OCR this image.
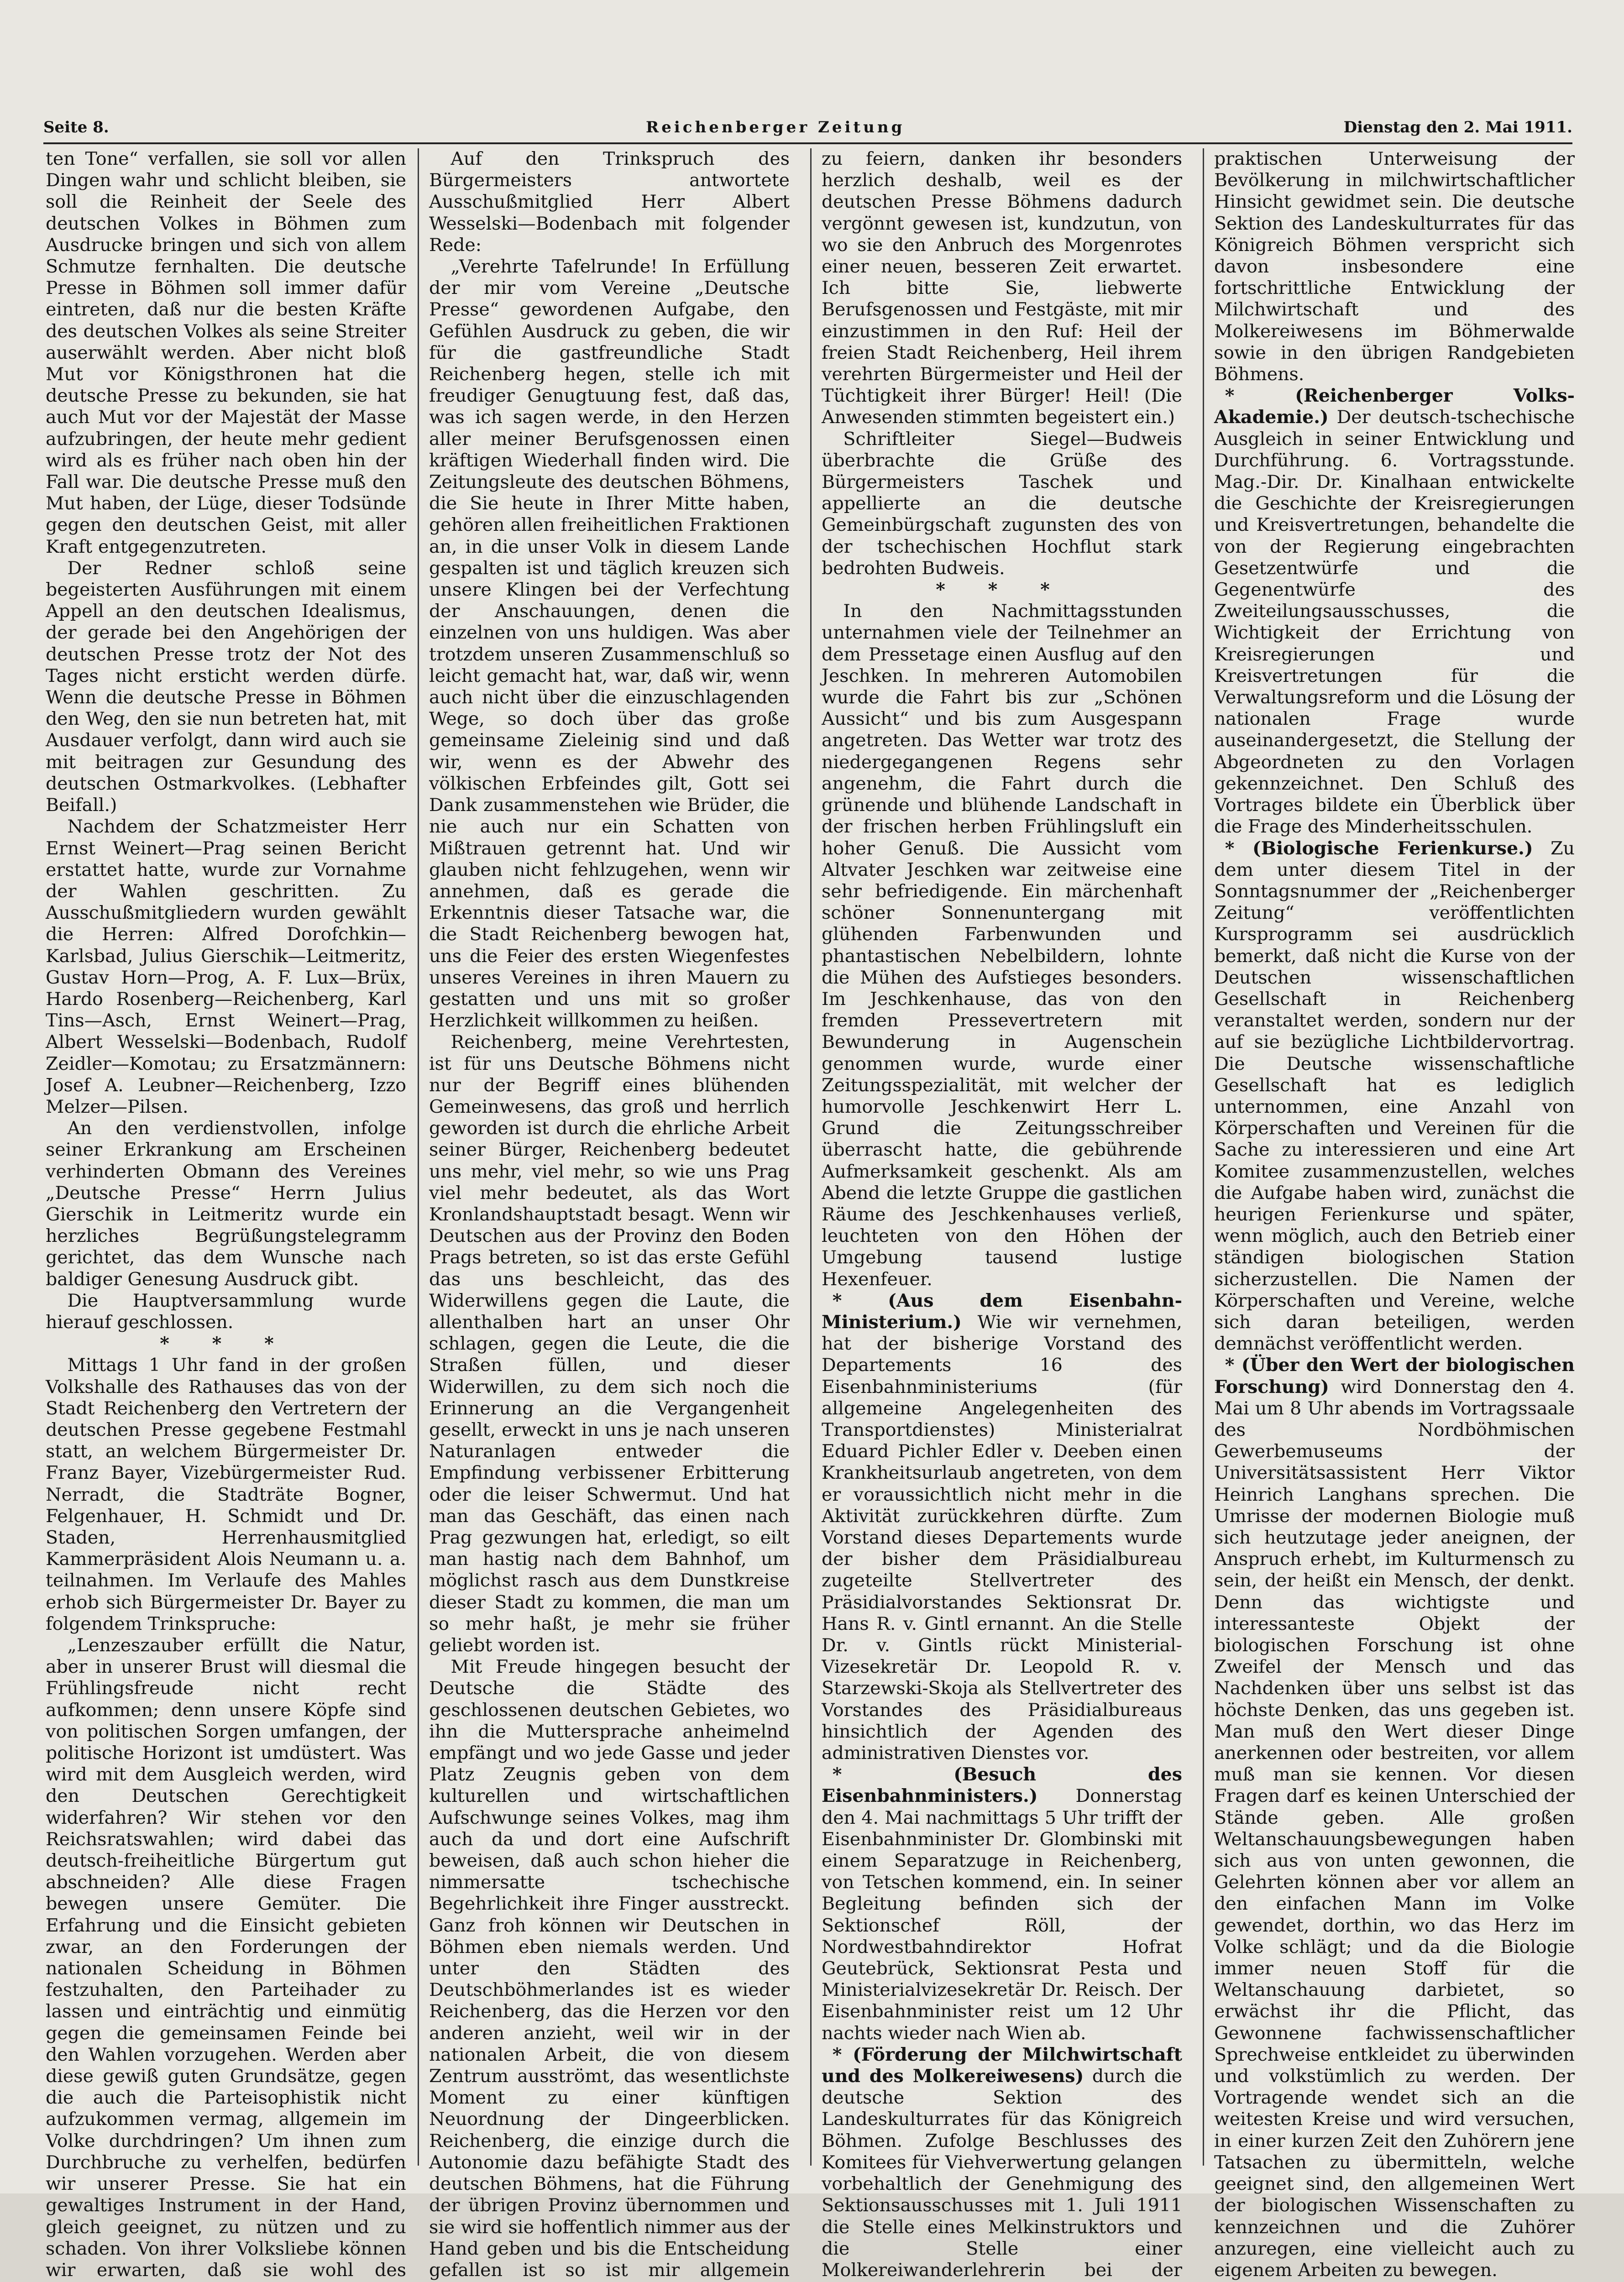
Seite 8.	Reichenberger Zeitung	Dienstag den 2. Mai 1911.

ten Tone“ verfallen, sie soll vor allen Dingen wahr und schlicht bleiben, sie soll die Reinheit der Seele des deutschen Volkes in Böhmen zum Ausdrucke bringen und sich von allem Schmutze fernhalten. Die deutsche Presse in Böhmen soll immer dafür eintreten, daß nur die besten Kräfte des deutschen Volkes als seine Streiter auserwählt werden. Aber nicht bloß Mut vor Königsthronen hat die deutsche Presse zu bekunden, sie hat auch Mut vor der Majestät der Masse aufzubringen, der heute mehr gedient wird als es früher nach oben hin der Fall war. Die deutsche Presse muß den Mut haben, der Lüge, dieser Todsünde gegen den deutschen Geist, mit aller Kraft entgegenzutreten.

Der Redner schloß seine begeisterten Ausführungen mit einem Appell an den deutschen Idealismus, der gerade bei den Angehörigen der deutschen Presse trotz der Not des Tages nicht ersticht werden dürfe. Wenn die deutsche Presse in Böhmen den Weg, den sie nun betreten hat, mit Ausdauer verfolgt, dann wird auch sie mit beitragen zur Gesundung des deutschen Ostmarkvolkes. (Lebhafter Beifall.)

Nachdem der Schatzmeister Herr Ernst Weinert—Prag seinen Bericht erstattet hatte, wurde zur Vornahme der Wahlen geschritten. Zu Ausschußmitgliedern wurden gewählt die Herren: Alfred Dorofchkin—Karlsbad, Julius Gierschik—Leitmeritz, Gustav Horn—Prog, A. F. Lux—Brüx, Hardo Rosenberg—Reichenberg, Karl Tins—Asch, Ernst Weinert—Prag, Albert Wesselski—Bodenbach, Rudolf Zeidler—Komotau; zu Ersatzmännern: Josef A. Leubner—Reichenberg, Izzo Melzer—Pilsen.

An den verdienstvollen, infolge seiner Erkrankung am Erscheinen verhinderten Obmann des Vereines „Deutsche Presse“ Herrn Julius Gierschik in Leitmeritz wurde ein herzliches Begrüßungstelegramm gerichtet, das dem Wunsche nach baldiger Genesung Ausdruck gibt.

Die Hauptversammlung wurde hierauf geschlossen.

* * *

Mittags 1 Uhr fand in der großen Volkshalle des Rathauses das von der Stadt Reichenberg den Vertretern der deutschen Presse gegebene Festmahl statt, an welchem Bürgermeister Dr. Franz Bayer, Vizebürgermeister Rud. Nerradt, die Stadträte Bogner, Felgenhauer, H. Schmidt und Dr. Staden, Herrenhausmitglied Kammerpräsident Alois Neumann u. a. teilnahmen. Im Verlaufe des Mahles erhob sich Bürgermeister Dr. Bayer zu folgendem Trinkspruche:

„Lenzeszauber erfüllt die Natur, aber in unserer Brust will diesmal die Frühlingsfreude nicht recht aufkommen; denn unsere Köpfe sind von politischen Sorgen umfangen, der politische Horizont ist umdüstert. Was wird mit dem Ausgleich werden, wird den Deutschen Gerechtigkeit widerfahren? Wir stehen vor den Reichsratswahlen; wird dabei das deutsch-freiheitliche Bürgertum gut abschneiden? Alle diese Fragen bewegen unsere Gemüter. Die Erfahrung und die Einsicht gebieten zwar, an den Forderungen der nationalen Scheidung in Böhmen festzuhalten, den Parteihader zu lassen und einträchtig und einmütig gegen die gemeinsamen Feinde bei den Wahlen vorzugehen. Werden aber diese gewiß guten Grundsätze, gegen die auch die Parteisophistik nicht aufzukommen vermag, allgemein im Volke durchdringen? Um ihnen zum Durchbruche zu verhelfen, bedürfen wir unserer Presse. Sie hat ein gewaltiges Instrument in der Hand, gleich geeignet, zu nützen und zu schaden. Von ihrer Volksliebe können wir erwarten, daß sie wohl des

Auf den Trinkspruch des Bürgermeisters antwortete Ausschußmitglied Herr Albert Wesselski—Bodenbach mit folgender Rede:

„Verehrte Tafelrunde! In Erfüllung der mir vom Vereine „Deutsche Presse“ gewordenen Aufgabe, den Gefühlen Ausdruck zu geben, die wir für die gastfreundliche Stadt Reichenberg hegen, stelle ich mit freudiger Genugtuung fest, daß das, was ich sagen werde, in den Herzen aller meiner Berufsgenossen einen kräftigen Wiederhall finden wird. Die Zeitungsleute des deutschen Böhmens, die Sie heute in Ihrer Mitte haben, gehören allen freiheitlichen Fraktionen an, in die unser Volk in diesem Lande gespalten ist und täglich kreuzen sich unsere Klingen bei der Verfechtung der Anschauungen, denen die einzelnen von uns huldigen. Was aber trotzdem unseren Zusammenschluß so leicht gemacht hat, war, daß wir, wenn auch nicht über die einzuschlagenden Wege, so doch über das große gemeinsame Zieleinig sind und daß wir, wenn es der Abwehr des völkischen Erbfeindes gilt, Gott sei Dank zusammenstehen wie Brüder, die nie auch nur ein Schatten von Mißtrauen getrennt hat. Und wir glauben nicht fehlzugehen, wenn wir annehmen, daß es gerade die Erkenntnis dieser Tatsache war, die die Stadt Reichenberg bewogen hat, uns die Feier des ersten Wiegenfestes unseres Vereines in ihren Mauern zu gestatten und uns mit so großer Herzlichkeit willkommen zu heißen.

Reichenberg, meine Verehrtesten, ist für uns Deutsche Böhmens nicht nur der Begriff eines blühenden Gemeinwesens, das groß und herrlich geworden ist durch die ehrliche Arbeit seiner Bürger, Reichenberg bedeutet uns mehr, viel mehr, so wie uns Prag viel mehr bedeutet, als das Wort Kronlandshauptstadt besagt. Wenn wir Deutschen aus der Provinz den Boden Prags betreten, so ist das erste Gefühl das uns beschleicht, das des Widerwillens gegen die Laute, die allenthalben hart an unser Ohr schlagen, gegen die Leute, die die Straßen füllen, und dieser Widerwillen, zu dem sich noch die Erinnerung an die Vergangenheit gesellt, erweckt in uns je nach unseren Naturanlagen entweder die Empfindung verbissener Erbitterung oder die leiser Schwermut. Und hat man das Geschäft, das einen nach Prag gezwungen hat, erledigt, so eilt man hastig nach dem Bahnhof, um möglichst rasch aus dem Dunstkreise dieser Stadt zu kommen, die man um so mehr haßt, je mehr sie früher geliebt worden ist.

Mit Freude hingegen besucht der Deutsche die Städte des geschlossenen deutschen Gebietes, wo ihn die Muttersprache anheimelnd empfängt und wo jede Gasse und jeder Platz Zeugnis geben von dem kulturellen und wirtschaftlichen Aufschwunge seines Volkes, mag ihm auch da und dort eine Aufschrift beweisen, daß auch schon hieher die nimmersatte tschechische Begehrlichkeit ihre Finger ausstreckt. Ganz froh können wir Deutschen in Böhmen eben niemals werden. Und unter den Städten des Deutschböhmerlandes ist es wieder Reichenberg, das die Herzen vor den anderen anzieht, weil wir in der nationalen Arbeit, die von diesem Zentrum ausströmt, das wesentlichste Moment zu einer künftigen Neuordnung der Dingeerblicken. Reichenberg, die einzige durch die Autonomie dazu befähigte Stadt des deutschen Böhmens, hat die Führung der übrigen Provinz übernommen und sie wird sie hoffentlich nimmer aus der Hand geben und bis die Entscheidung gefallen ist so ist mir allgemein

zu feiern, danken ihr besonders herzlich deshalb, weil es der deutschen Presse Böhmens dadurch vergönnt gewesen ist, kundzutun, von wo sie den Anbruch des Morgenrotes einer neuen, besseren Zeit erwartet. Ich bitte Sie, liebwerte Berufsgenossen und Festgäste, mit mir einzustimmen in den Ruf: Heil der freien Stadt Reichenberg, Heil ihrem verehrten Bürgermeister und Heil der Tüchtigkeit ihrer Bürger! Heil! (Die Anwesenden stimmten begeistert ein.)

Schriftleiter Siegel—Budweis überbrachte die Grüße des Bürgermeisters Taschek und appellierte an die deutsche Gemeinbürgschaft zugunsten des von der tschechischen Hochflut stark bedrohten Budweis.

* * *

In den Nachmittagsstunden unternahmen viele der Teilnehmer an dem Pressetage einen Ausflug auf den Jeschken. In mehreren Automobilen wurde die Fahrt bis zur „Schönen Aussicht“ und bis zum Ausgespann angetreten. Das Wetter war trotz des niedergegangenen Regens sehr angenehm, die Fahrt durch die grünende und blühende Landschaft in der frischen herben Frühlingsluft ein hoher Genuß. Die Aussicht vom Altvater Jeschken war zeitweise eine sehr befriedigende. Ein märchenhaft schöner Sonnenuntergang mit glühenden Farbenwunden und phantastischen Nebelbildern, lohnte die Mühen des Aufstieges besonders. Im Jeschkenhause, das von den fremden Pressevertretern mit Bewunderung in Augenschein genommen wurde, wurde einer Zeitungsspezialität, mit welcher der humorvolle Jeschkenwirt Herr L. Grund die Zeitungsschreiber überrascht hatte, die gebührende Aufmerksamkeit geschenkt. Als am Abend die letzte Gruppe die gastlichen Räume des Jeschkenhauses verließ, leuchteten von den Höhen der Umgebung tausend lustige Hexenfeuer.

* (Aus dem Eisenbahn-Ministerium.) Wie wir vernehmen, hat der bisherige Vorstand des Departements 16 des Eisenbahnministeriums (für allgemeine Angelegenheiten des Transportdienstes) Ministerialrat Eduard Pichler Edler v. Deeben einen Krankheitsurlaub angetreten, von dem er voraussichtlich nicht mehr in die Aktivität zurückkehren dürfte. Zum Vorstand dieses Departements wurde der bisher dem Präsidialbureau zugeteilte Stellvertreter des Präsidialvorstandes Sektionsrat Dr. Hans R. v. Gintl ernannt. An die Stelle Dr. v. Gintls rückt Ministerial-Vizesekretär Dr. Leopold R. v. Starzewski-Skoja als Stellvertreter des Vorstandes des Präsidialbureaus hinsichtlich der Agenden des administrativen Dienstes vor.

* (Besuch des Eisenbahnministers.) Donnerstag den 4. Mai nachmittags 5 Uhr trifft der Eisenbahnminister Dr. Glombinski mit einem Separatzuge in Reichenberg, von Tetschen kommend, ein. In seiner Begleitung befinden sich der Sektionschef Röll, der Nordwestbahndirektor Hofrat Geutebrück, Sektionsrat Pesta und Ministerialvizesekretär Dr. Reisch. Der Eisenbahnminister reist um 12 Uhr nachts wieder nach Wien ab.

* (Förderung der Milchwirtschaft und des Molkereiwesens) durch die deutsche Sektion des Landeskulturrates für das Königreich Böhmen. Zufolge Beschlusses des Komitees für Viehverwertung gelangen vorbehaltlich der Genehmigung des Sektionsausschusses mit 1. Juli 1911 die Stelle eines Melkinstruktors und die Stelle einer Molkereiwanderlehrerin bei der

praktischen Unterweisung der Bevölkerung in milchwirtschaftlicher Hinsicht gewidmet sein. Die deutsche Sektion des Landeskulturrates für das Königreich Böhmen verspricht sich davon insbesondere eine fortschrittliche Entwicklung der Milchwirtschaft und des Molkereiwesens im Böhmerwalde sowie in den übrigen Randgebieten Böhmens.

* (Reichenberger Volks-Akademie.) Der deutsch-tschechische Ausgleich in seiner Entwicklung und Durchführung. 6. Vortragsstunde. Mag.-Dir. Dr. Kinalhaan entwickelte die Geschichte der Kreisregierungen und Kreisvertretungen, behandelte die von der Regierung eingebrachten Gesetzentwürfe und die Gegenentwürfe des Zweiteilungsausschusses, die Wichtigkeit der Errichtung von Kreisregierungen und Kreisvertretungen für die Verwaltungsreform und die Lösung der nationalen Frage wurde auseinandergesetzt, die Stellung der Abgeordneten zu den Vorlagen gekennzeichnet. Den Schluß des Vortrages bildete ein Überblick über die Frage des Minderheitsschulen.

* (Biologische Ferienkurse.) Zu dem unter diesem Titel in der Sonntagsnummer der „Reichenberger Zeitung“ veröffentlichten Kursprogramm sei ausdrücklich bemerkt, daß nicht die Kurse von der Deutschen wissenschaftlichen Gesellschaft in Reichenberg veranstaltet werden, sondern nur der auf sie bezügliche Lichtbildervortrag. Die Deutsche wissenschaftliche Gesellschaft hat es lediglich unternommen, eine Anzahl von Körperschaften und Vereinen für die Sache zu interessieren und eine Art Komitee zusammenzustellen, welches die Aufgabe haben wird, zunächst die heurigen Ferienkurse und später, wenn möglich, auch den Betrieb einer ständigen biologischen Station sicherzustellen. Die Namen der Körperschaften und Vereine, welche sich daran beteiligen, werden demnächst veröffentlicht werden.

* (Über den Wert der biologischen Forschung) wird Donnerstag den 4. Mai um 8 Uhr abends im Vortragssaale des Nordböhmischen Gewerbemuseums der Universitätsassistent Herr Viktor Heinrich Langhans sprechen. Die Umrisse der modernen Biologie muß sich heutzutage jeder aneignen, der Anspruch erhebt, im Kulturmensch zu sein, der heißt ein Mensch, der denkt. Denn das wichtigste und interessanteste Objekt der biologischen Forschung ist ohne Zweifel der Mensch und das Nachdenken über uns selbst ist das höchste Denken, das uns gegeben ist. Man muß den Wert dieser Dinge anerkennen oder bestreiten, vor allem muß man sie kennen. Vor diesen Fragen darf es keinen Unterschied der Stände geben. Alle großen Weltanschauungsbewegungen haben sich aus von unten gewonnen, die Gelehrten können aber vor allem an den einfachen Mann im Volke gewendet, dorthin, wo das Herz im Volke schlägt; und da die Biologie immer neuen Stoff für die Weltanschauung darbietet, so erwächst ihr die Pflicht, das Gewonnene fachwissenschaftlicher Sprechweise entkleidet zu überwinden und volkstümlich zu werden. Der Vortragende wendet sich an die weitesten Kreise und wird versuchen, in einer kurzen Zeit den Zuhörern jene Tatsachen zu übermitteln, welche geeignet sind, den allgemeinen Wert der biologischen Wissenschaften zu kennzeichnen und die Zuhörer anzuregen, eine vielleicht auch zu eigenem Arbeiten zu bewegen.
